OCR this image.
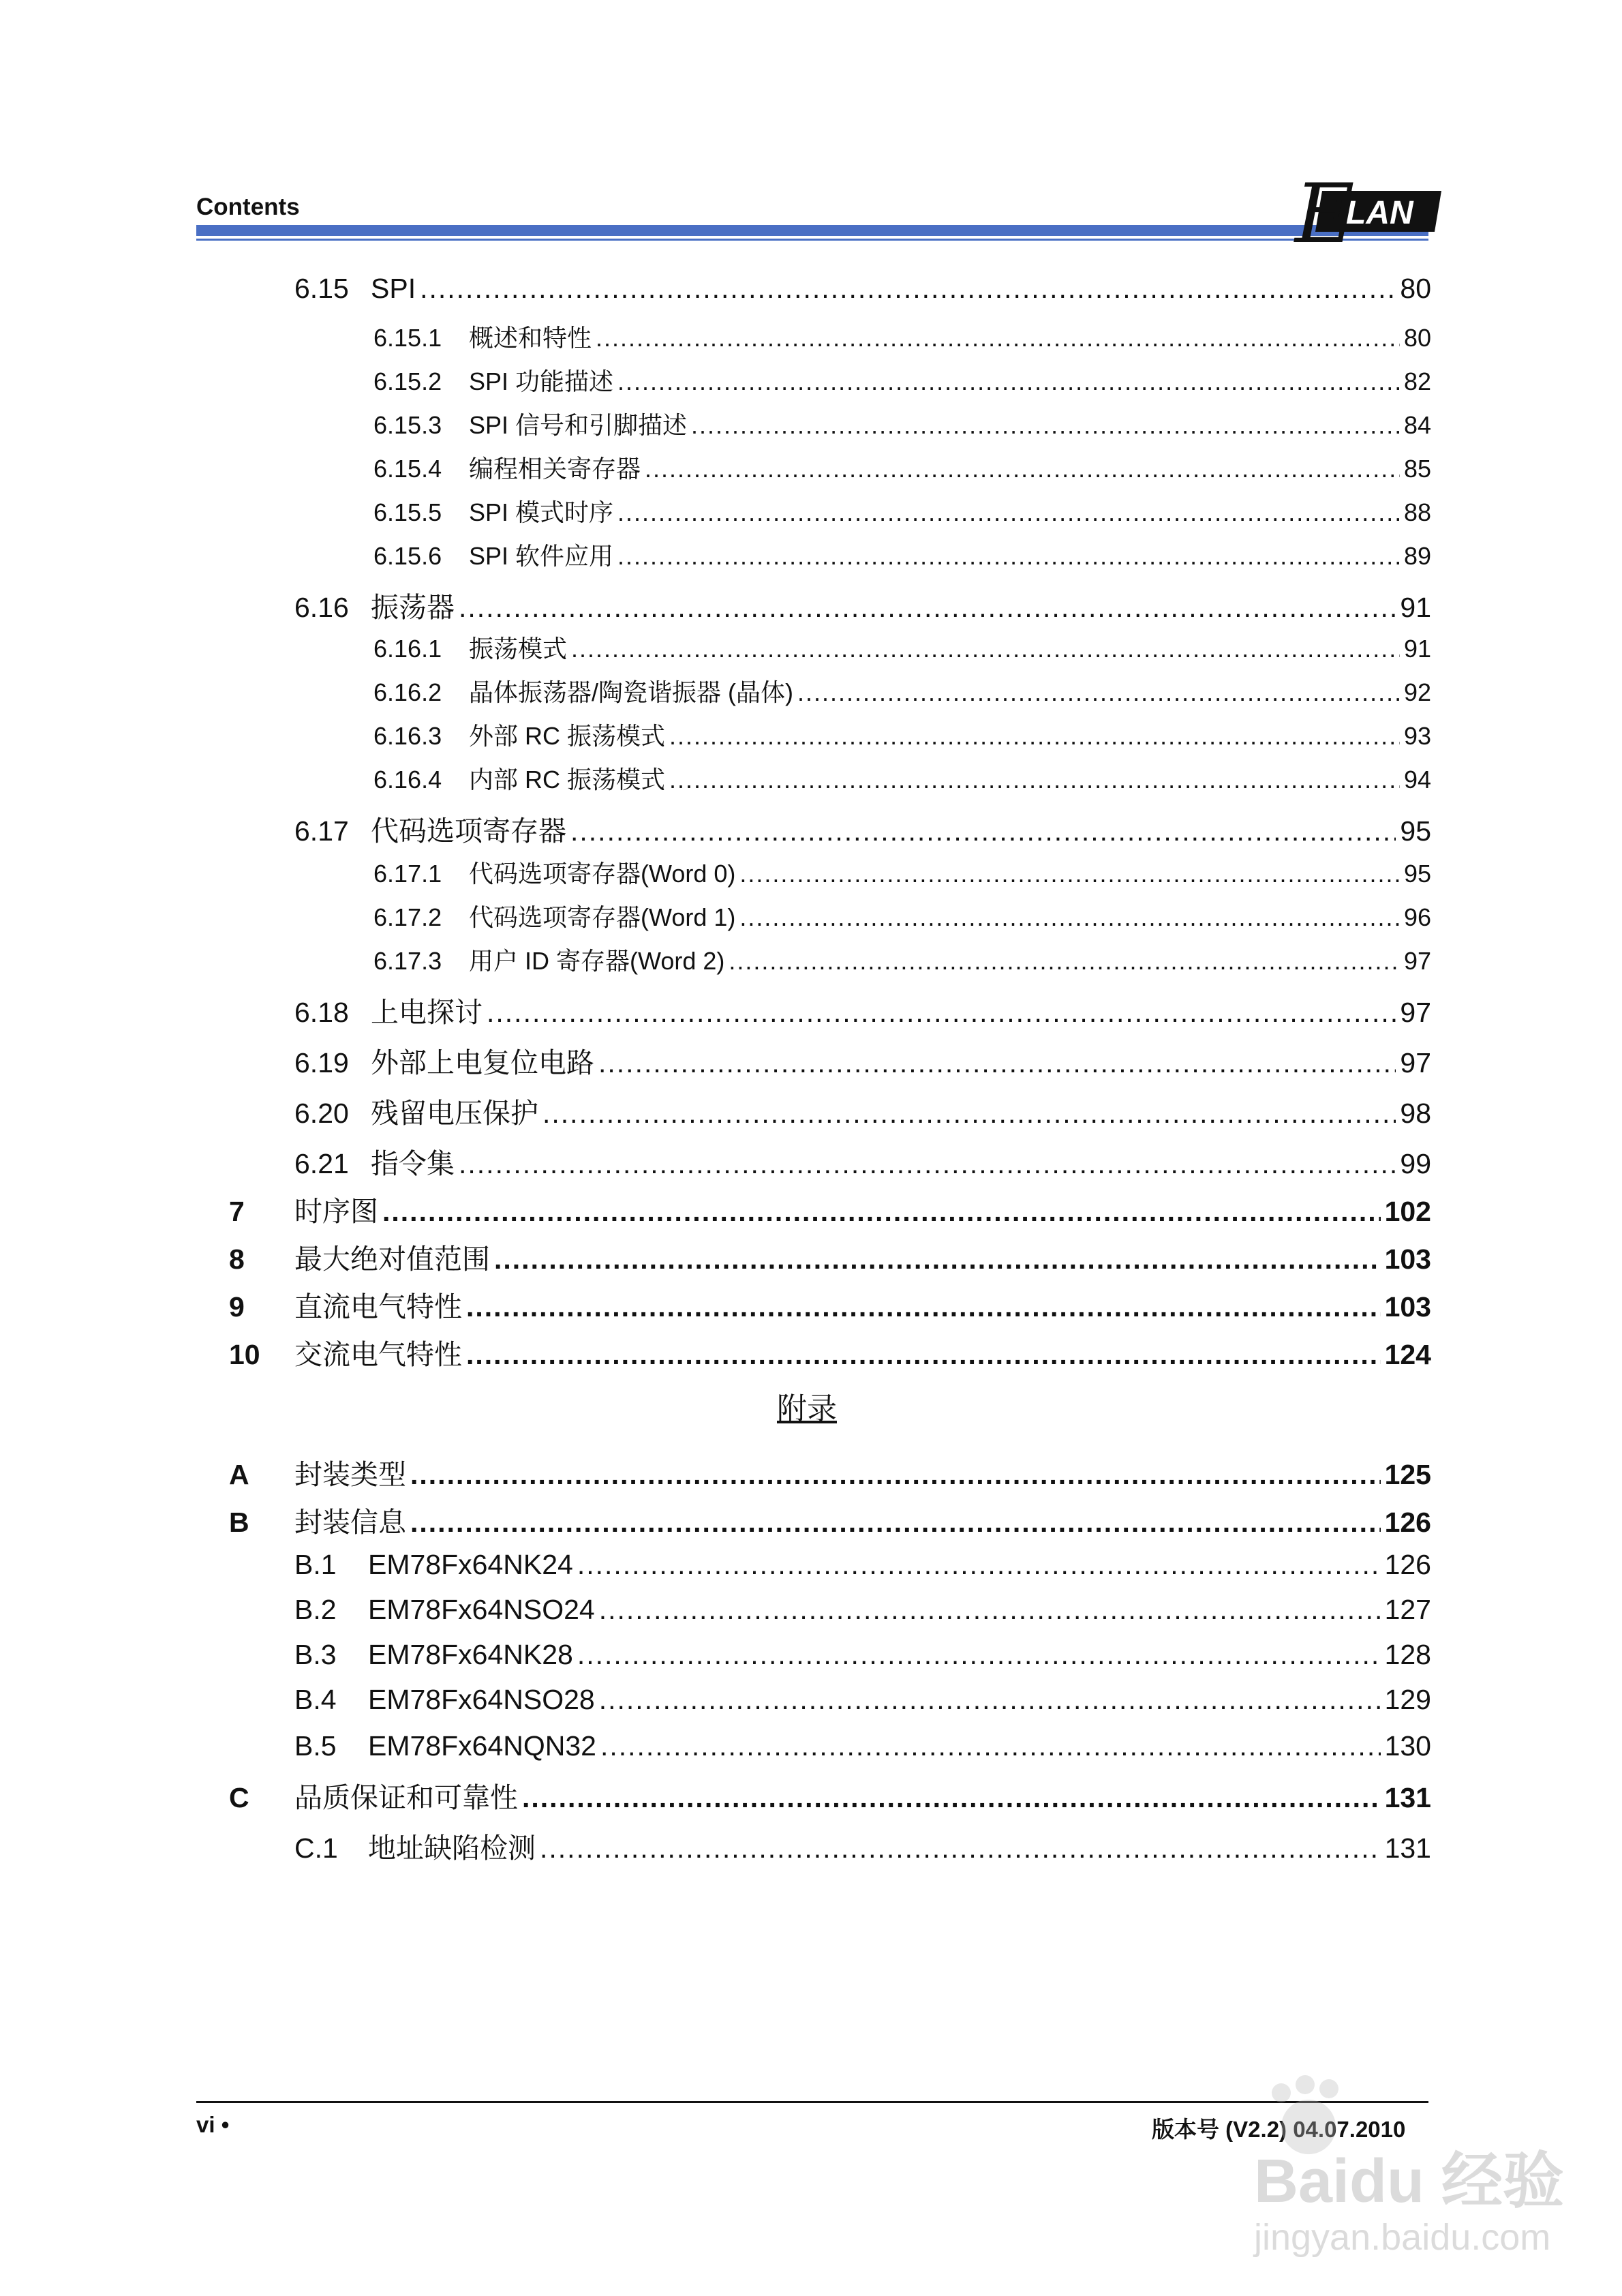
Contents	LAN
E
6.15 SPI .....	80
6.15.1	概述和特性 .....	80
6.15.2	SPI 功能描述 .....	82
6.15.3	SPI 信号和引脚描述 .....	84
6.15.4	编程相关寄存器 .....	85
6.15.5	SPI 模式时序 .....	88
6.15.6	SPI 软件应用 .....	89
6.16 振荡器 .....	91
6.16.1	振荡模式 .....	91
6.16.2	晶体振荡器/陶瓷谐振器 (晶体) .....	92
6.16.3	外部 RC 振荡模式 .....	93
6.16.4	内部 RC 振荡模式 .....	94
6.17 代码选项寄存器 .....	95
6.17.1	代码选项寄存器(Word 0) .....	95
6.17.2	代码选项寄存器(Word 1) .....	96
6.17.3	用户 ID 寄存器(Word 2) .....	97
6.18 上电探讨 .....	97
6.19 外部上电复位电路 .....	97
6.20 残留电压保护 .....	98
6.21 指令集 .....	99
7	时序图 .....	102
8	最大绝对值范围 .....	103
9	直流电气特性 .....	103
10	交流电气特性 .....	124
A	封装类型 .....	125
B	封装信息 .....	126
B.1	EM78Fx64NK24 .....	126
B.2	EM78Fx64NSO24 .....	127
B.3	EM78Fx64NK28 .....	128
B.4	EM78Fx64NSO28 .....	129
B.5	EM78Fx64NQN32 .....	130
C	品质保证和可靠性 .....	131
C.1	地址缺陷检测 .....	131
附录
vi •	版本号 (V2.2) 04.07.2010
Baidu 经验
jingyan.baidu.com
